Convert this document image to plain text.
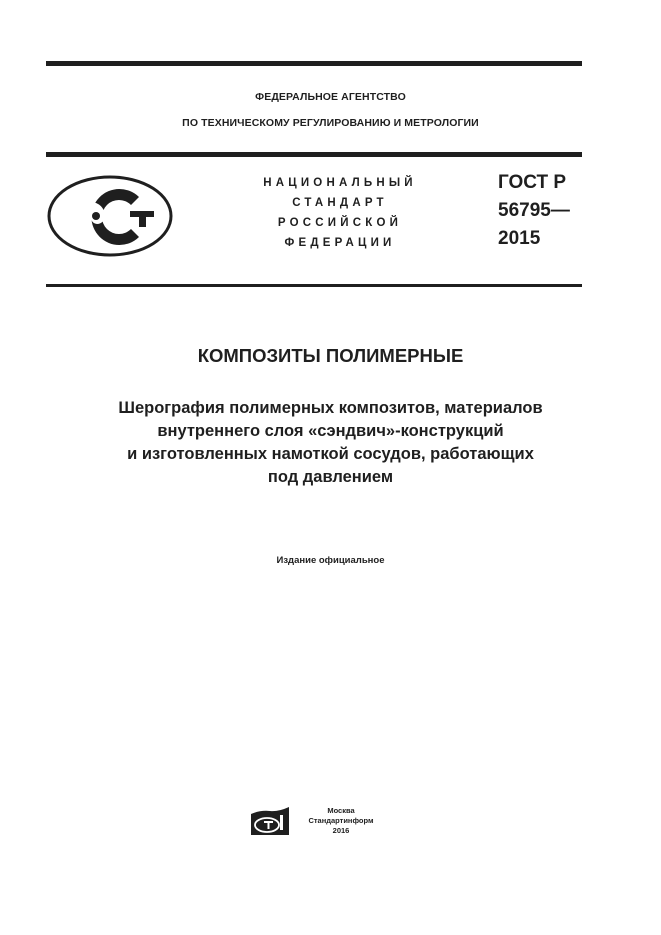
ФЕДЕРАЛЬНОЕ АГЕНТСТВО
ПО ТЕХНИЧЕСКОМУ РЕГУЛИРОВАНИЮ И МЕТРОЛОГИИ
НАЦИОНАЛЬНЫЙ
СТАНДАРТ
РОССИЙСКОЙ
ФЕДЕРАЦИИ
ГОСТ Р
56795—
2015
КОМПОЗИТЫ ПОЛИМЕРНЫЕ
Шерография полимерных композитов, материалов
внутреннего слоя «сэндвич»-конструкций
и изготовленных намоткой сосудов, работающих
под давлением
Издание официальное
Москва
Стандартинформ
2016
